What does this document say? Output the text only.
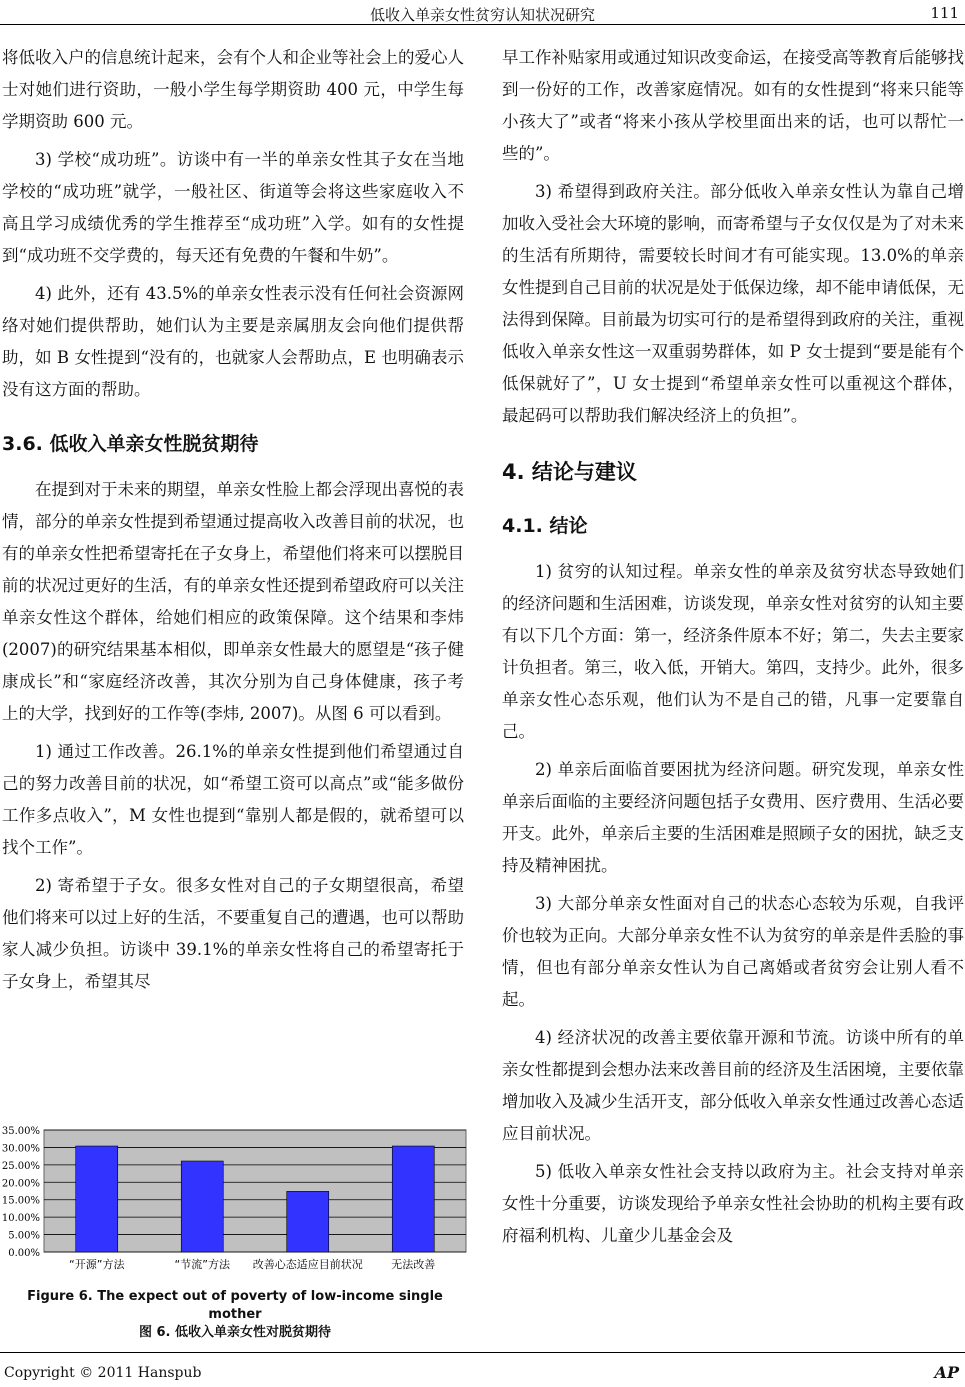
低收入单亲女性贫穷认知状况研究	111

将低收入户的信息统计起来，会有个人和企业等社会上的爱心人士对她们进行资助，一般小学生每学期资助 400 元，中学生每学期资助 600 元。

3) 学校“成功班”。访谈中有一半的单亲女性其子女在当地学校的“成功班”就学，一般社区、街道等会将这些家庭收入不高且学习成绩优秀的学生推荐至“成功班”入学。如有的女性提到“成功班不交学费的，每天还有免费的午餐和牛奶”。

4) 此外，还有 43.5%的单亲女性表示没有任何社会资源网络对她们提供帮助，她们认为主要是亲属朋友会向他们提供帮助，如 B 女性提到“没有的，也就家人会帮助点，E 也明确表示没有这方面的帮助。

3.6. 低收入单亲女性脱贫期待

在提到对于未来的期望，单亲女性脸上都会浮现出喜悦的表情，部分的单亲女性提到希望通过提高收入改善目前的状况，也有的单亲女性把希望寄托在子女身上，希望他们将来可以摆脱目前的状况过更好的生活，有的单亲女性还提到希望政府可以关注单亲女性这个群体，给她们相应的政策保障。这个结果和李炜(2007)的研究结果基本相似，即单亲女性最大的愿望是“孩子健康成长”和“家庭经济改善，其次分别为自己身体健康，孩子考上的大学，找到好的工作等(李炜, 2007)。从图 6 可以看到。

1) 通过工作改善。26.1%的单亲女性提到他们希望通过自己的努力改善目前的状况，如“希望工资可以高点”或“能多做份工作多点收入”，M 女性也提到“靠别人都是假的，就希望可以找个工作”。

2) 寄希望于子女。很多女性对自己的子女期望很高，希望他们将来可以过上好的生活，不要重复自己的遭遇，也可以帮助家人减少负担。访谈中 39.1%的单亲女性将自己的希望寄托于子女身上，希望其尽

0.00%
5.00%
10.00%
15.00%
20.00%
25.00%
30.00%
35.00%
“开源”方法	“节流”方法 改善心态适应目前状况	无法改善
Figure 6. The expect out of poverty of low-income single mother
图 6. 低收入单亲女性对脱贫期待

早工作补贴家用或通过知识改变命运，在接受高等教育后能够找到一份好的工作，改善家庭情况。如有的女性提到“将来只能等小孩大了”或者“将来小孩从学校里面出来的话，也可以帮忙一些的”。

3) 希望得到政府关注。部分低收入单亲女性认为靠自己增加收入受社会大环境的影响，而寄希望与子女仅仅是为了对未来的生活有所期待，需要较长时间才有可能实现。13.0%的单亲女性提到自己目前的状况是处于低保边缘，却不能申请低保，无法得到保障。目前最为切实可行的是希望得到政府的关注，重视低收入单亲女性这一双重弱势群体，如 P 女士提到“要是能有个低保就好了”，U 女士提到“希望单亲女性可以重视这个群体，最起码可以帮助我们解决经济上的负担”。

4. 结论与建议
4.1. 结论

1) 贫穷的认知过程。单亲女性的单亲及贫穷状态导致她们的经济问题和生活困难，访谈发现，单亲女性对贫穷的认知主要有以下几个方面：第一，经济条件原本不好；第二，失去主要家计负担者。第三，收入低，开销大。第四，支持少。此外，很多单亲女性心态乐观，他们认为不是自己的错，凡事一定要靠自己。

2) 单亲后面临首要困扰为经济问题。研究发现，单亲女性单亲后面临的主要经济问题包括子女费用、医疗费用、生活必要开支。此外，单亲后主要的生活困难是照顾子女的困扰，缺乏支持及精神困扰。

3) 大部分单亲女性面对自己的状态心态较为乐观，自我评价也较为正向。大部分单亲女性不认为贫穷的单亲是件丢脸的事情，但也有部分单亲女性认为自己离婚或者贫穷会让别人看不起。

4) 经济状况的改善主要依靠开源和节流。访谈中所有的单亲女性都提到会想办法来改善目前的经济及生活困境，主要依靠增加收入及减少生活开支，部分低收入单亲女性通过改善心态适应目前状况。

5) 低收入单亲女性社会支持以政府为主。社会支持对单亲女性十分重要，访谈发现给予单亲女性社会协助的机构主要有政府福利机构、儿童少儿基金会及

Copyright © 2011 Hanspub	AP
